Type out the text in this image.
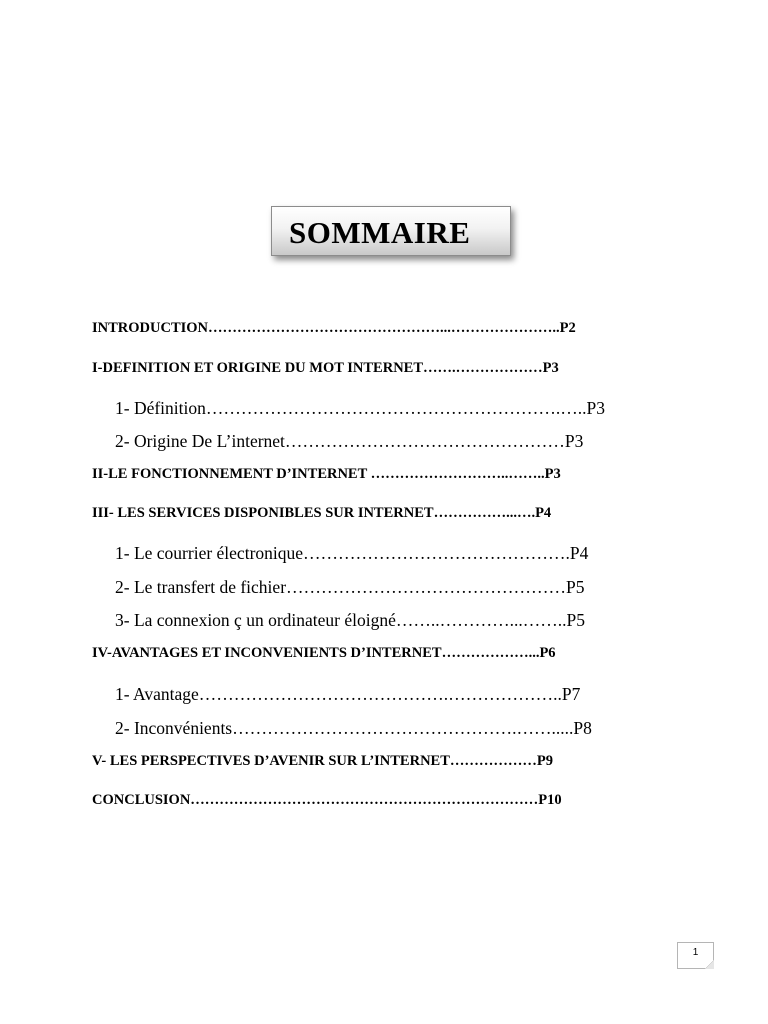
SOMMAIRE
INTRODUCTION…………………………………………...…………………..P2
I-DEFINITION ET ORIGINE DU MOT INTERNET…….………………P3
1- Définition…………………………………………………….…..P3
2- Origine De L’internet…………………………………………P3
II-LE FONCTIONNEMENT D’INTERNET ………………………..……..P3
III- LES SERVICES DISPONIBLES SUR INTERNET……………...….P4
1- Le courrier électronique……………………………………….P4
2- Le transfert de fichier…………………………………………P5
3- La connexion ç un ordinateur éloigné……..…………...……..P5
IV-AVANTAGES ET INCONVENIENTS D’INTERNET………………...P6
1- Avantage…………………………………….………………..P7
2- Inconvénients………………………………………….…….....P8
V- LES PERSPECTIVES D’AVENIR SUR L’INTERNET………………P9
CONCLUSION………………………………………………………………P10
1
